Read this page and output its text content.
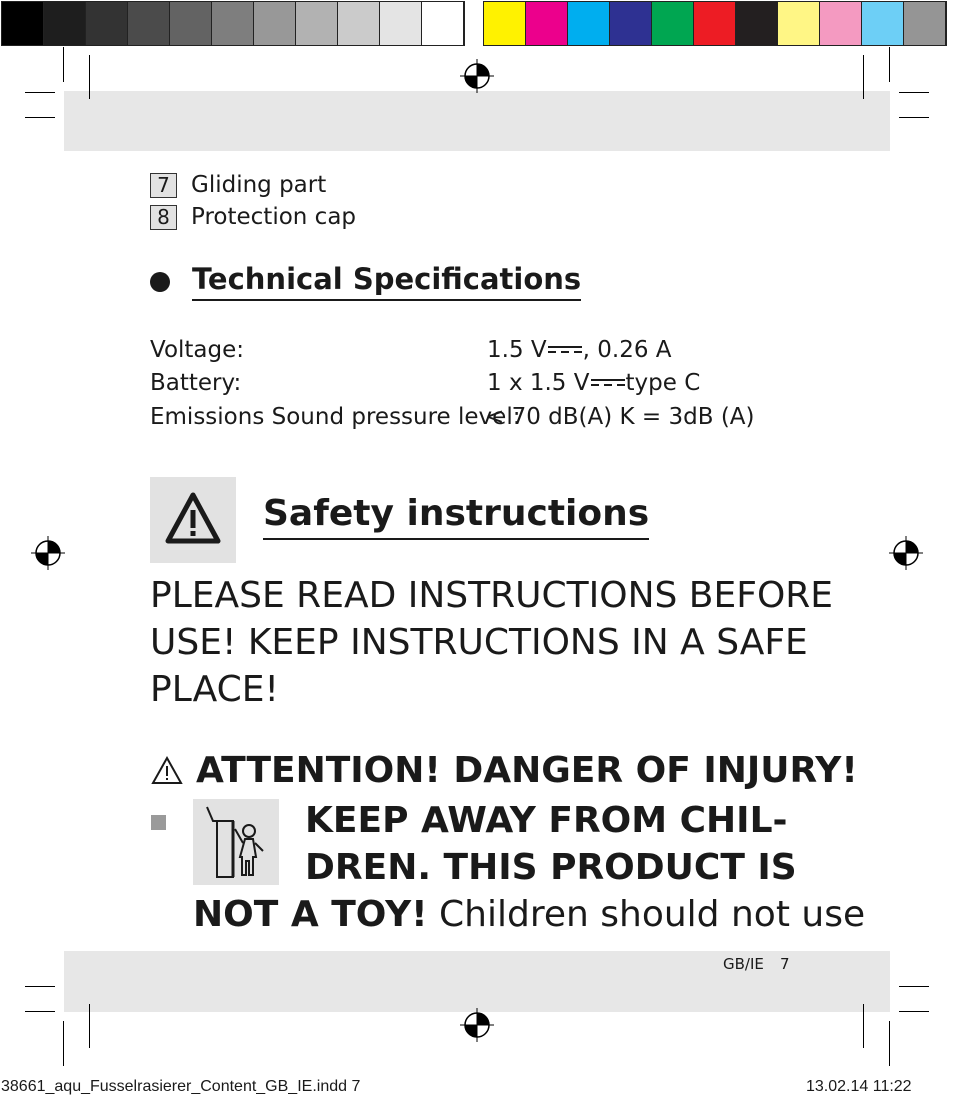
7 Gliding part
8 Protection cap
Technical Specifications
Voltage:	1.5 V , 0.26 A
Battery:	1 x 1.5 V type C
Emissions Sound pressure level:
< 70 dB(A) K = 3dB (A)
Safety instructions
PLEASE READ INSTRUCTIONS BEFORE
USE! KEEP INSTRUCTIONS IN A SAFE
PLACE!
ATTENTION! DANGER OF INJURY!
KEEP AWAY FROM CHIL-
DREN. THIS PRODUCT IS
NOT A TOY! Children should not use
GB/IE 7
38661_aqu_Fusselrasierer_Content_GB_IE.indd 7	13.02.14 11:22
